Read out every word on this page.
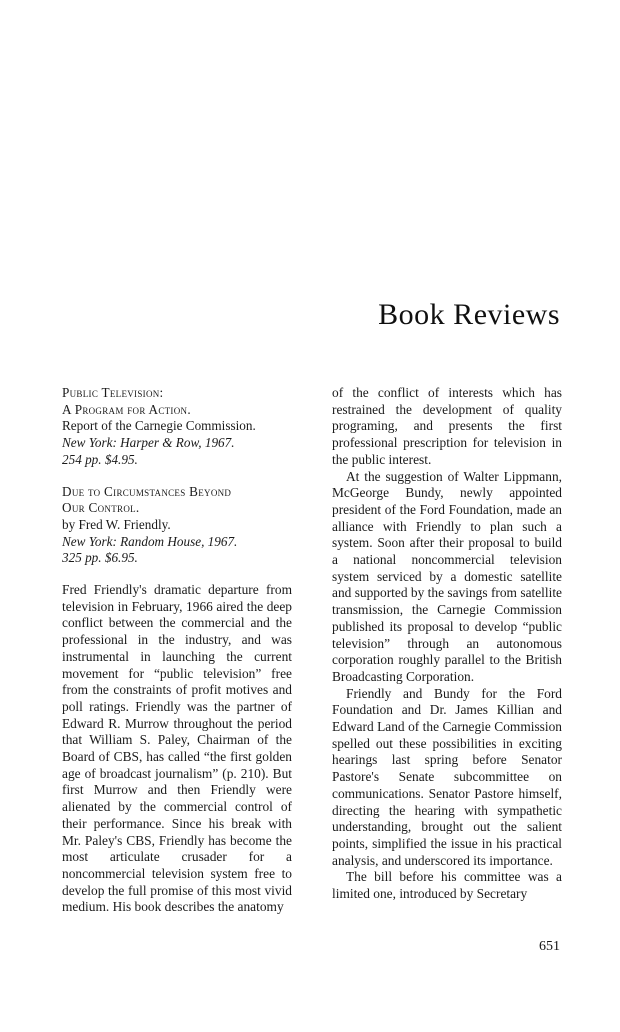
Book Reviews
Public Television:
A Program for Action.
Report of the Carnegie Commission.
New York: Harper & Row, 1967.
254 pp. $4.95.
Due to Circumstances Beyond
Our Control.
by Fred W. Friendly.
New York: Random House, 1967.
325 pp. $6.95.

Fred Friendly's dramatic departure from television in February, 1966 aired the deep conflict between the commercial and the professional in the industry, and was instrumental in launching the current movement for “public television” free from the constraints of profit motives and poll ratings. Friendly was the partner of Edward R. Murrow throughout the period that William S. Paley, Chairman of the Board of CBS, has called “the first golden age of broadcast journalism” (p. 210). But first Murrow and then Friendly were alienated by the commercial control of their performance. Since his break with Mr. Paley's CBS, Friendly has become the most articulate crusader for a noncommercial television system free to develop the full promise of this most vivid medium. His book describes the anatomy

of the conflict of interests which has restrained the development of quality programing, and presents the first professional prescription for television in the public interest.

At the suggestion of Walter Lippmann, McGeorge Bundy, newly appointed president of the Ford Foundation, made an alliance with Friendly to plan such a system. Soon after their proposal to build a national noncommercial television system serviced by a domestic satellite and supported by the savings from satellite transmission, the Carnegie Commission published its proposal to develop “public television” through an autonomous corporation roughly parallel to the British Broadcasting Corporation.

Friendly and Bundy for the Ford Foundation and Dr. James Killian and Edward Land of the Carnegie Commission spelled out these possibilities in exciting hearings last spring before Senator Pastore's Senate subcommittee on communications. Senator Pastore himself, directing the hearing with sympathetic understanding, brought out the salient points, simplified the issue in his practical analysis, and underscored its importance.

The bill before his committee was a limited one, introduced by Secretary

651
